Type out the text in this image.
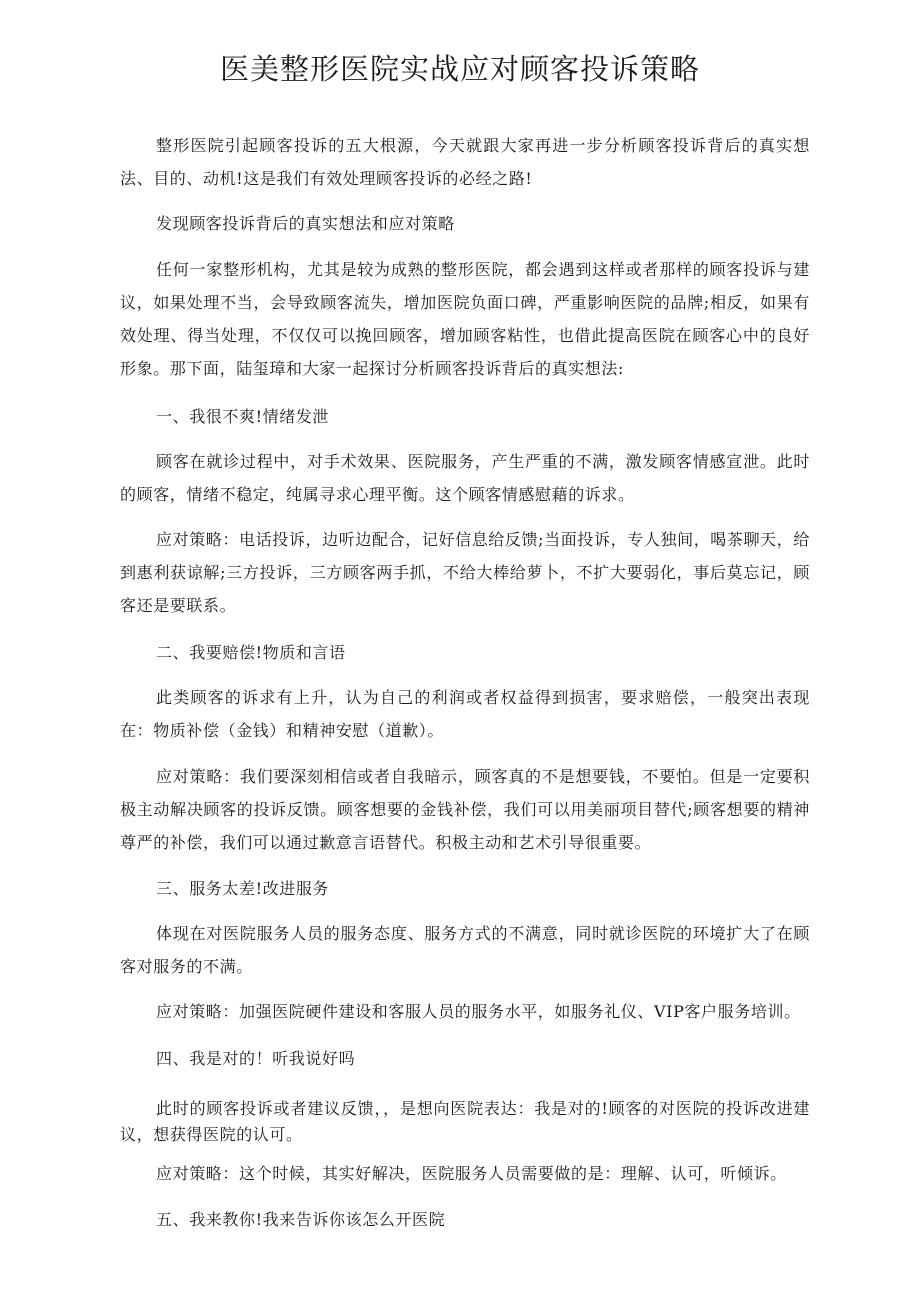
医美整形医院实战应对顾客投诉策略

整形医院引起顾客投诉的五大根源，今天就跟大家再进一步分析顾客投诉背后的真实想法、目的、动机!这是我们有效处理顾客投诉的必经之路!

发现顾客投诉背后的真实想法和应对策略

任何一家整形机构，尤其是较为成熟的整形医院，都会遇到这样或者那样的顾客投诉与建议，如果处理不当，会导致顾客流失，增加医院负面口碑，严重影响医院的品牌;相反，如果有效处理、得当处理，不仅仅可以挽回顾客，增加顾客粘性，也借此提高医院在顾客心中的良好形象。那下面，陆玺璋和大家一起探讨分析顾客投诉背后的真实想法:

一、我很不爽!情绪发泄

顾客在就诊过程中，对手术效果、医院服务，产生严重的不满，激发顾客情感宣泄。此时的顾客，情绪不稳定，纯属寻求心理平衡。这个顾客情感慰藉的诉求。

应对策略：电话投诉，边听边配合，记好信息给反馈;当面投诉，专人独间，喝茶聊天，给到惠利获谅解;三方投诉，三方顾客两手抓，不给大棒给萝卜，不扩大要弱化，事后莫忘记，顾客还是要联系。

二、我要赔偿!物质和言语

此类顾客的诉求有上升，认为自己的利润或者权益得到损害，要求赔偿，一般突出表现在：物质补偿（金钱）和精神安慰（道歉）。

应对策略：我们要深刻相信或者自我暗示，顾客真的不是想要钱，不要怕。但是一定要积极主动解决顾客的投诉反馈。顾客想要的金钱补偿，我们可以用美丽项目替代;顾客想要的精神尊严的补偿，我们可以通过歉意言语替代。积极主动和艺术引导很重要。

三、服务太差!改进服务

体现在对医院服务人员的服务态度、服务方式的不满意，同时就诊医院的环境扩大了在顾客对服务的不满。

应对策略：加强医院硬件建设和客服人员的服务水平，如服务礼仪、VIP客户服务培训。

四、我是对的！听我说好吗

此时的顾客投诉或者建议反馈，，是想向医院表达：我是对的!顾客的对医院的投诉改进建议，想获得医院的认可。

应对策略：这个时候，其实好解决，医院服务人员需要做的是：理解、认可，听倾诉。

五、我来教你!我来告诉你该怎么开医院
